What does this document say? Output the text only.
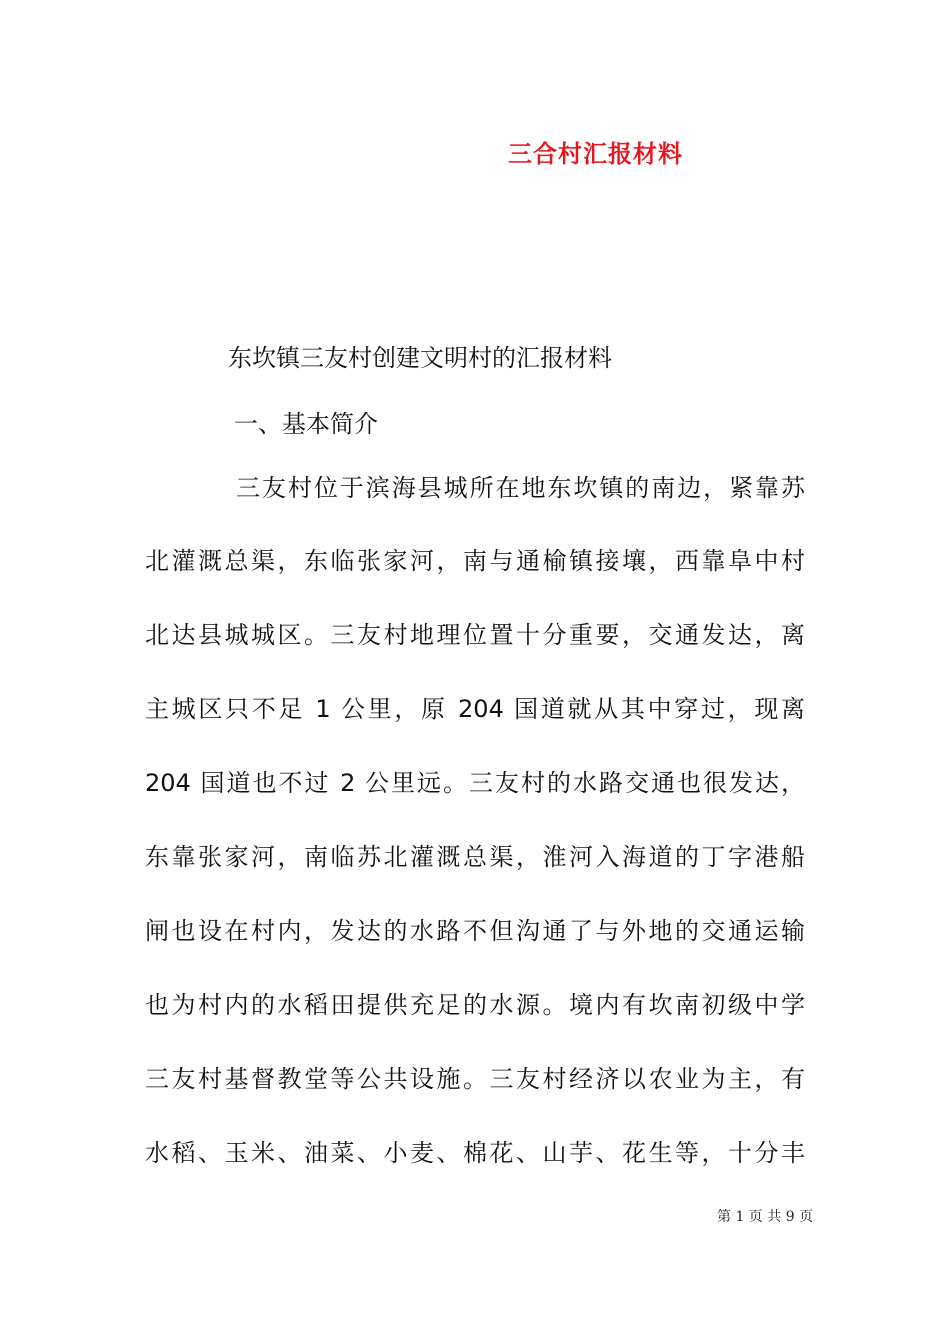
三合村汇报材料

东坎镇三友村创建文明村的汇报材料

一、基本简介

三友村位于滨海县城所在地东坎镇的南边，紧靠苏

北灌溉总渠，东临张家河，南与通榆镇接壤，西靠阜中村

北达县城城区。三友村地理位置十分重要，交通发达，离

主城区只不足 1 公里，原 204 国道就从其中穿过，现离

204 国道也不过 2 公里远。三友村的水路交通也很发达，

东靠张家河，南临苏北灌溉总渠，淮河入海道的丁字港船

闸也设在村内，发达的水路不但沟通了与外地的交通运输

也为村内的水稻田提供充足的水源。境内有坎南初级中学

三友村基督教堂等公共设施。三友村经济以农业为主，有

水稻、玉米、油菜、小麦、棉花、山芋、花生等，十分丰

第 1 页 共 9 页
